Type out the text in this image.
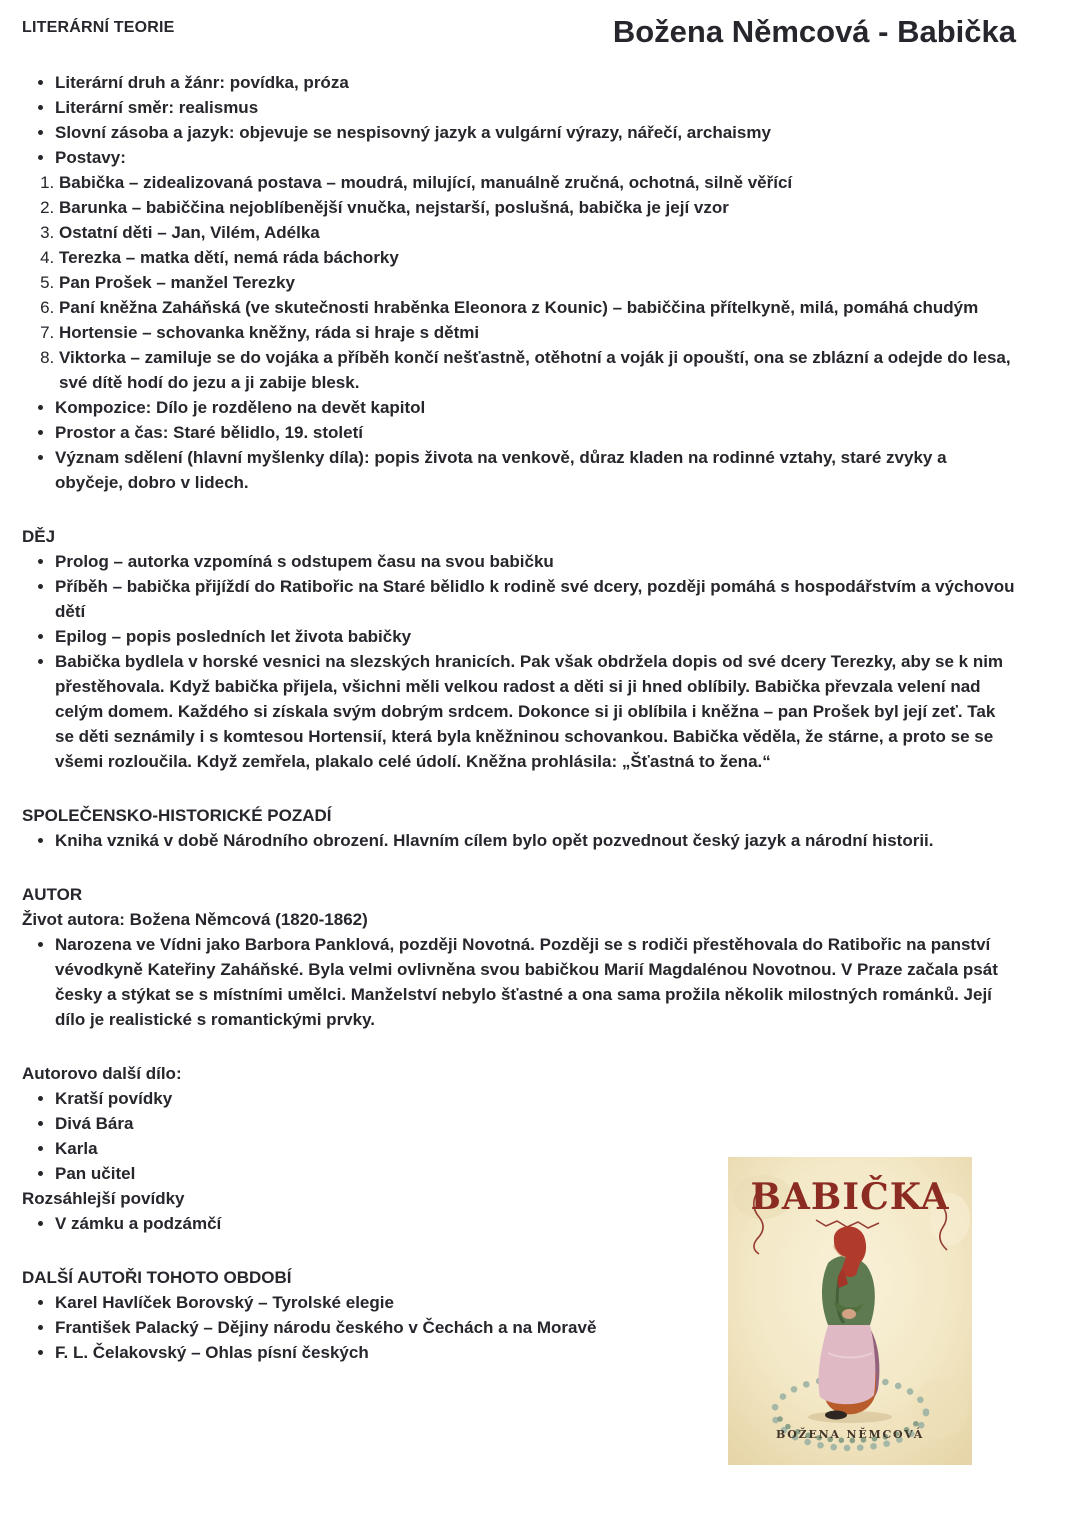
LITERÁRNÍ TEORIE	Božena Němcová - Babička
• Literární druh a žánr: povídka, próza
• Literární směr: realismus
• Slovní zásoba a jazyk: objevuje se nespisovný jazyk a vulgární výrazy, nářečí, archaismy
• Postavy:
1. Babička – zidealizovaná postava – moudrá, milující, manuálně zručná, ochotná, silně věřící
2. Barunka – babiččina nejoblíbenější vnučka, nejstarší, poslušná, babička je její vzor
3. Ostatní děti – Jan, Vilém, Adélka
4. Terezka – matka dětí, nemá ráda báchorky
5. Pan Prošek – manžel Terezky
6. Paní kněžna Zaháňská (ve skutečnosti hraběnka Eleonora z Kounic) – babiččina přítelkyně, milá, pomáhá chudým
7. Hortensie – schovanka kněžny, ráda si hraje s dětmi
8. Viktorka – zamiluje se do vojáka a příběh končí nešťastně, otěhotní a voják ji opouští, ona se zblázní a odejde do lesa, své dítě hodí do jezu a ji zabije blesk.
• Kompozice: Dílo je rozděleno na devět kapitol
• Prostor a čas: Staré bělidlo, 19. století
• Význam sdělení (hlavní myšlenky díla): popis života na venkově, důraz kladen na rodinné vztahy, staré zvyky a obyčeje, dobro v lidech.
DĚJ
• Prolog – autorka vzpomíná s odstupem času na svou babičku
• Příběh – babička přijíždí do Ratibořic na Staré bělidlo k rodině své dcery, později pomáhá s hospodářstvím a výchovou dětí
• Epilog – popis posledních let života babičky
• Babička bydlela v horské vesnici na slezských hranicích. Pak však obdržela dopis od své dcery Terezky, aby se k nim přestěhovala. Když babička přijela, všichni měli velkou radost a děti si ji hned oblíbily. Babička převzala velení nad celým domem. Každého si získala svým dobrým srdcem. Dokonce si ji oblíbila i kněžna – pan Prošek byl její zeť. Tak se děti seznámily i s komtesou Hortensií, která byla kněžninou schovankou. Babička věděla, že stárne, a proto se se všemi rozloučila. Když zemřela, plakalo celé údolí. Kněžna prohlásila: „Šťastná to žena.“
SPOLEČENSKO-HISTORICKÉ POZADÍ
• Kniha vzniká v době Národního obrození. Hlavním cílem bylo opět pozvednout český jazyk a národní historii.
AUTOR

Život autora: Božena Němcová (1820-1862)

• Narozena ve Vídni jako Barbora Panklová, později Novotná. Později se s rodiči přestěhovala do Ratibořic na panství vévodkyně Kateřiny Zaháňské. Byla velmi ovlivněna svou babičkou Marií Magdalénou Novotnou. V Praze začala psát česky a stýkat se s místními umělci. Manželství nebylo šťastné a ona sama prožila několik milostných románků. Její dílo je realistické s romantickými prvky.

Autorovo další dílo:

• Kratší povídky
• Divá Bára
• Karla
• Pan učitel

Rozsáhlejší povídky

• V zámku a podzámčí
DALŠÍ AUTOŘI TOHOTO OBDOBÍ
• Karel Havlíček Borovský – Tyrolské elegie
• František Palacký – Dějiny národu českého v Čechách a na Moravě
• F. L. Čelakovský – Ohlas písní českých
BABIČKA
BOŽENA NĚMCOVÁ
